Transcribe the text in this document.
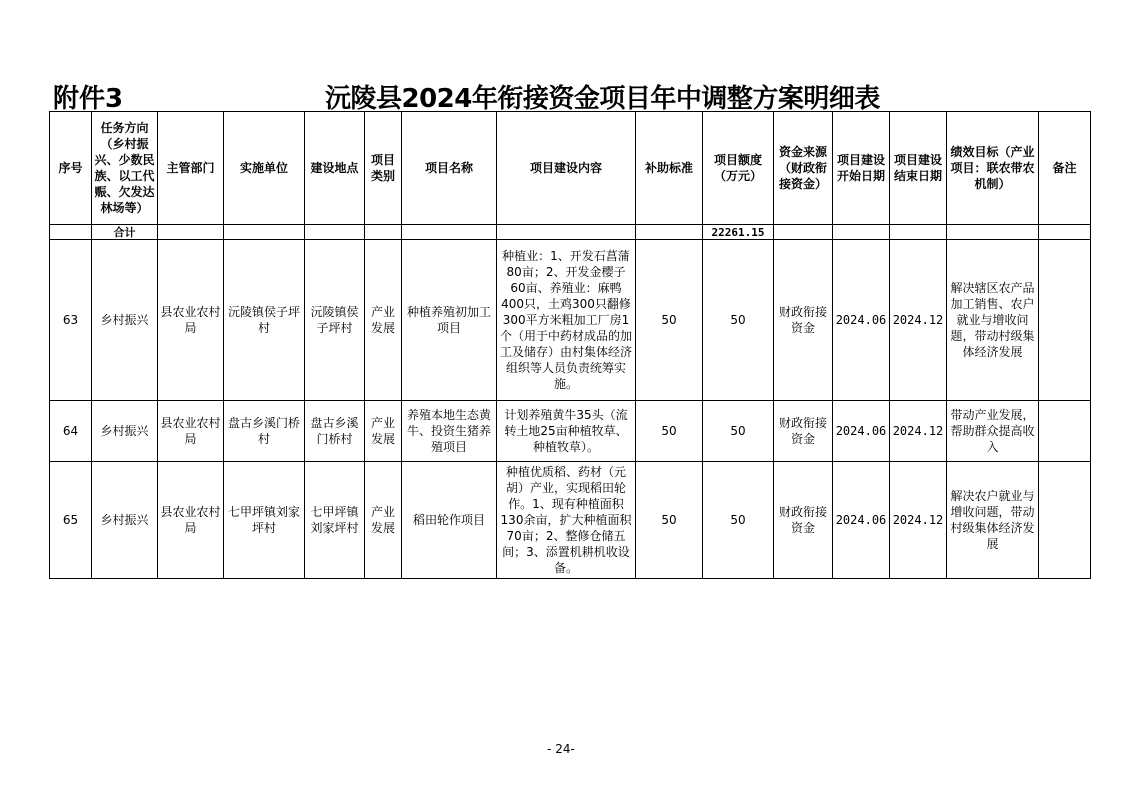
附件3	沅陵县2024年衔接资金项目年中调整方案明细表
序号	任务方向（乡村振兴、少数民族、以工代赈、欠发达林场等）	主管部门	实施单位	建设地点	项目类别	项目名称	项目建设内容	补助标准	项目额度（万元）	资金来源（财政衔接资金）	项目建设开始日期	项目建设结束日期	绩效目标（产业项目：联农带农机制）	备注
	合计								22261.15					
63	乡村振兴	县农业农村局	沅陵镇侯子坪村	沅陵镇侯子坪村	产业发展	种植养殖初加工项目	种植业：1、开发石菖蒲80亩；2、开发金樱子60亩、养殖业：麻鸭400只，土鸡300只翻修300平方米粗加工厂房1个（用于中药材成品的加工及储存）由村集体经济组织等人员负责统筹实施。	50	50	财政衔接资金	2024.06	2024.12	解决辖区农产品加工销售、农户就业与增收问题，带动村级集体经济发展	
64	乡村振兴	县农业农村局	盘古乡溪门桥村	盘古乡溪门桥村	产业发展	养殖本地生态黄牛、投资生猪养殖项目	计划养殖黄牛35头（流转土地25亩种植牧草、种植牧草）。	50	50	财政衔接资金	2024.06	2024.12	带动产业发展，帮助群众提高收入	
65	乡村振兴	县农业农村局	七甲坪镇刘家坪村	七甲坪镇刘家坪村	产业发展	稻田轮作项目	种植优质稻、药材（元胡）产业，实现稻田轮作。1、现有种植面积130余亩，扩大种植面积70亩；2、整修仓储五间；3、添置机耕机收设备。	50	50	财政衔接资金	2024.06	2024.12	解决农户就业与增收问题，带动村级集体经济发展	
- 24-
